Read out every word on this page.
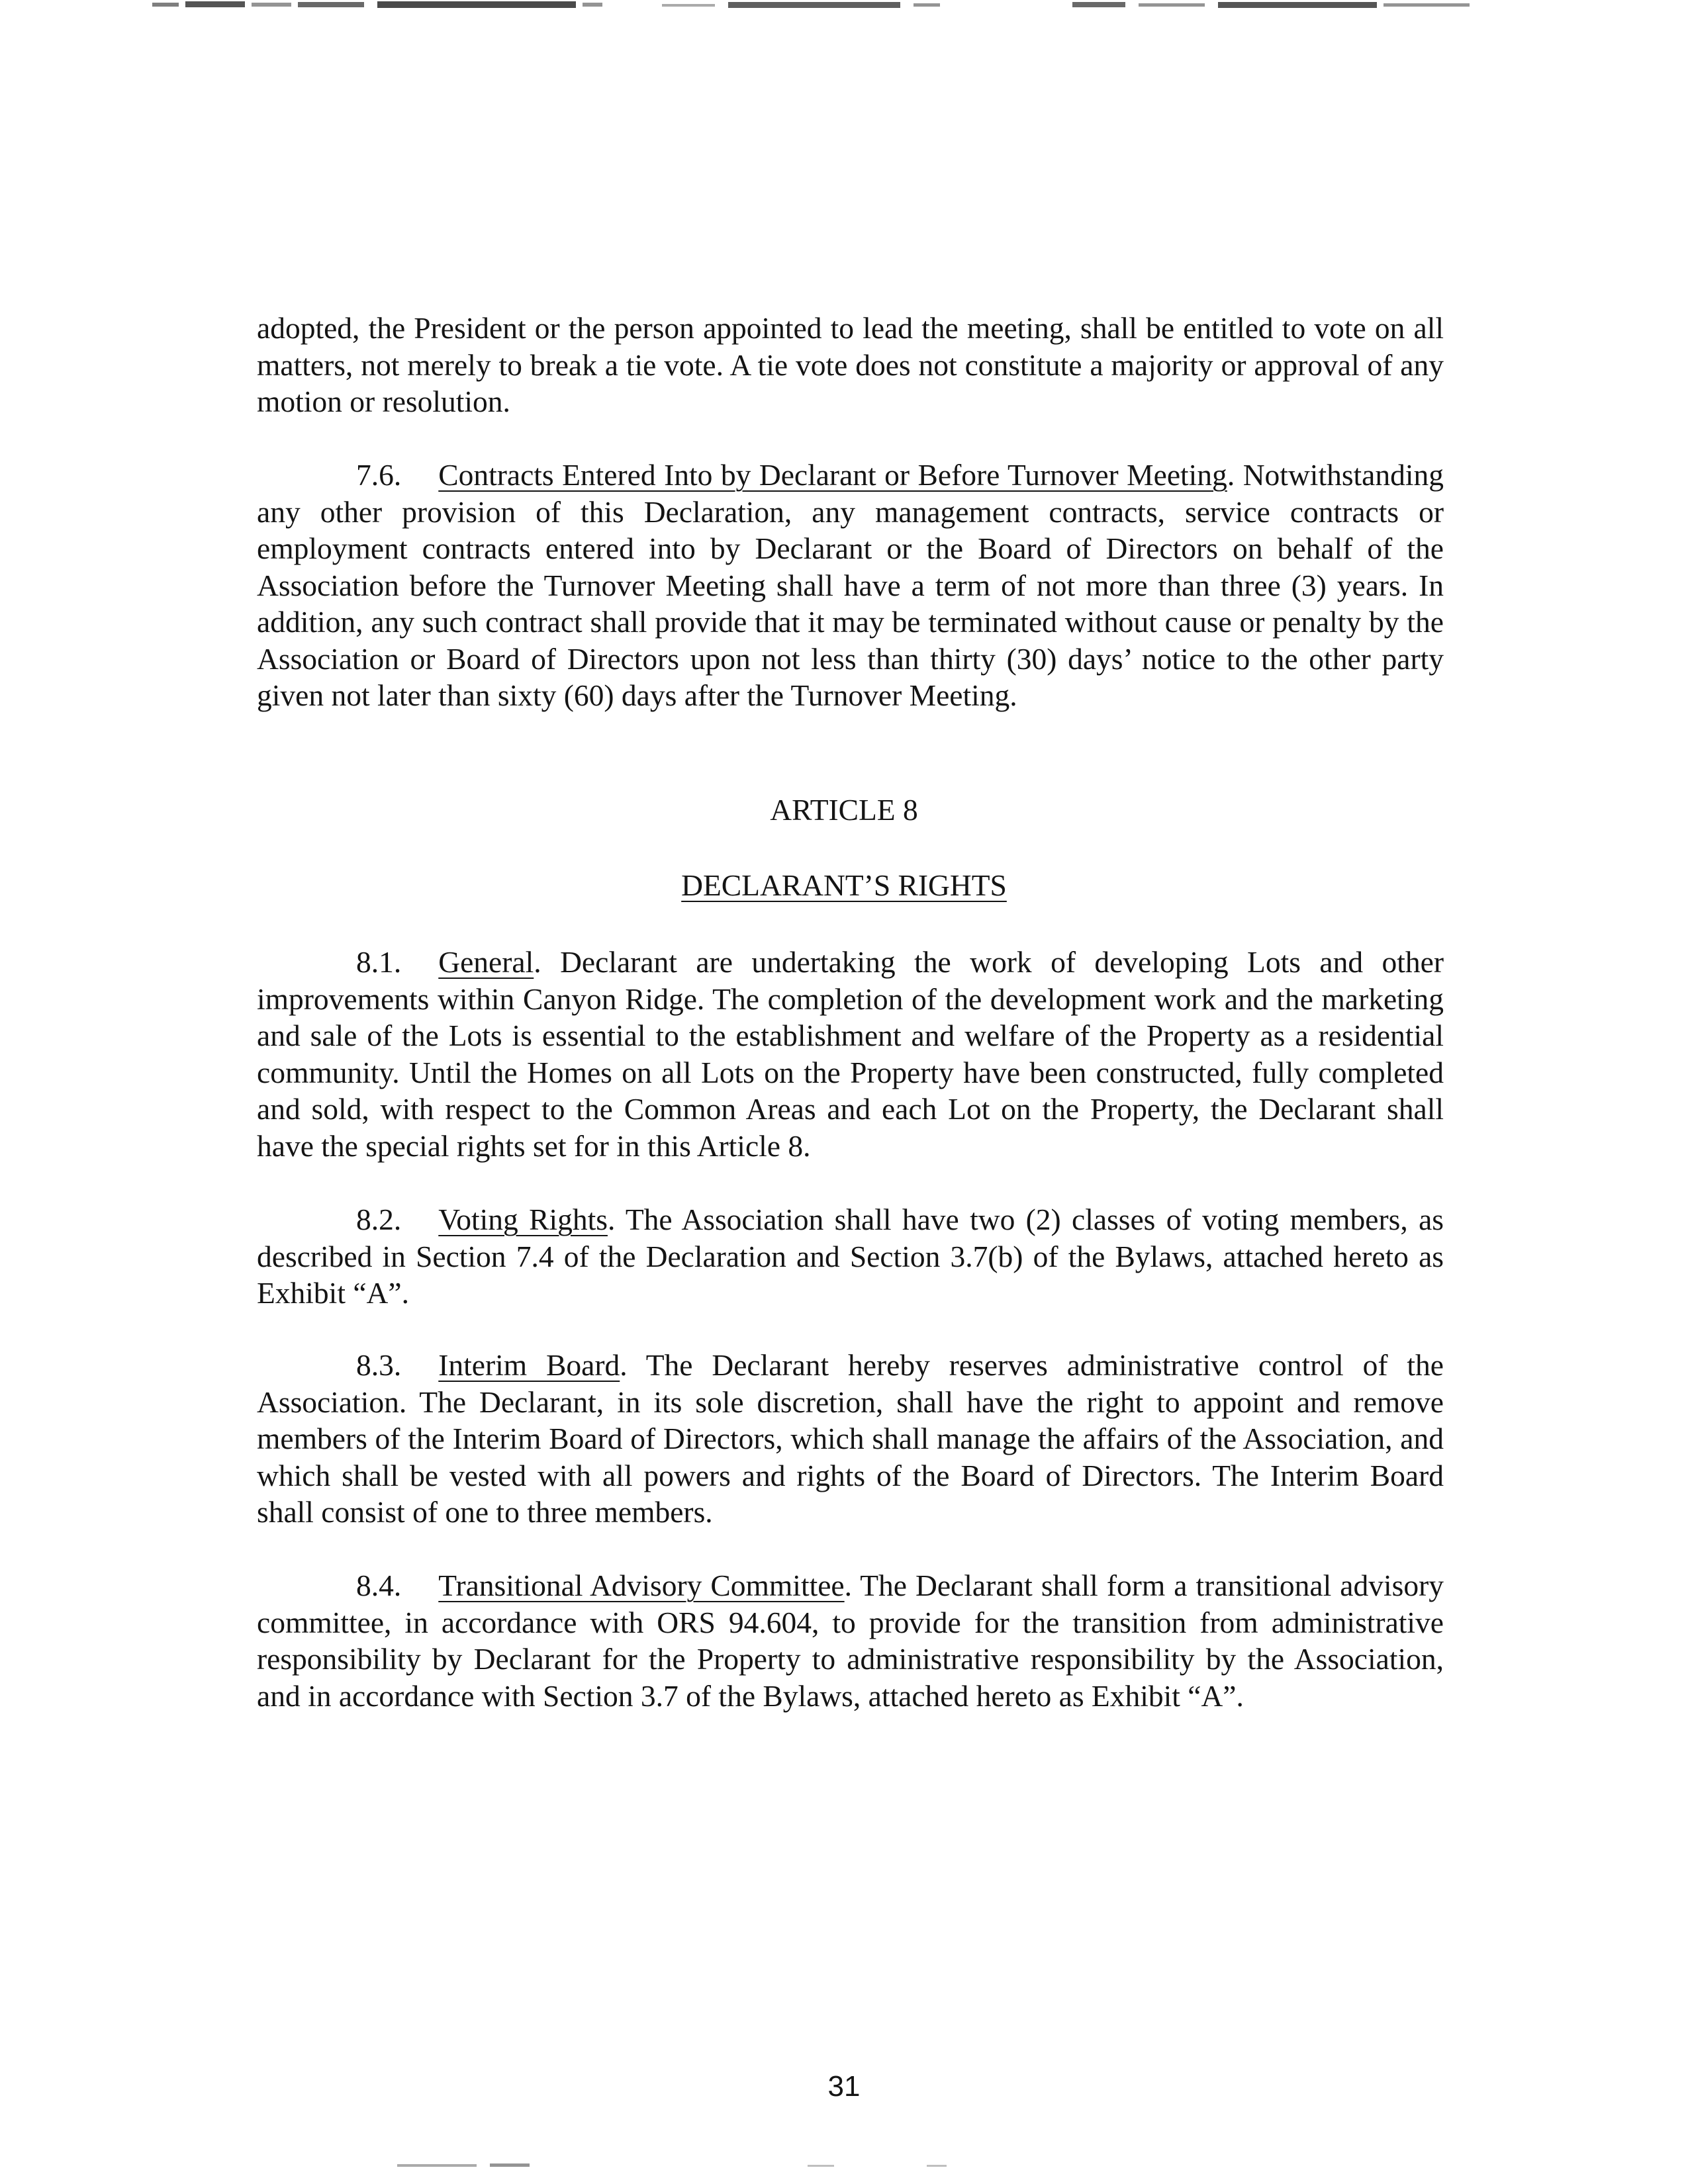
adopted, the President or the person appointed to lead the meeting, shall be entitled to vote on all matters, not merely to break a tie vote. A tie vote does not constitute a majority or approval of any motion or resolution.

7.6. Contracts Entered Into by Declarant or Before Turnover Meeting. Notwithstanding any other provision of this Declaration, any management contracts, service contracts or employment contracts entered into by Declarant or the Board of Directors on behalf of the Association before the Turnover Meeting shall have a term of not more than three (3) years. In addition, any such contract shall provide that it may be terminated without cause or penalty by the Association or Board of Directors upon not less than thirty (30) days’ notice to the other party given not later than sixty (60) days after the Turnover Meeting.

ARTICLE 8
DECLARANT’S RIGHTS

8.1. General. Declarant are undertaking the work of developing Lots and other improvements within Canyon Ridge. The completion of the development work and the marketing and sale of the Lots is essential to the establishment and welfare of the Property as a residential community. Until the Homes on all Lots on the Property have been constructed, fully completed and sold, with respect to the Common Areas and each Lot on the Property, the Declarant shall have the special rights set for in this Article 8.

8.2. Voting Rights. The Association shall have two (2) classes of voting members, as described in Section 7.4 of the Declaration and Section 3.7(b) of the Bylaws, attached hereto as Exhibit “A”.

8.3. Interim Board. The Declarant hereby reserves administrative control of the Association. The Declarant, in its sole discretion, shall have the right to appoint and remove members of the Interim Board of Directors, which shall manage the affairs of the Association, and which shall be vested with all powers and rights of the Board of Directors. The Interim Board shall consist of one to three members.

8.4. Transitional Advisory Committee. The Declarant shall form a transitional advisory committee, in accordance with ORS 94.604, to provide for the transition from administrative responsibility by Declarant for the Property to administrative responsibility by the Association, and in accordance with Section 3.7 of the Bylaws, attached hereto as Exhibit “A”.

31
